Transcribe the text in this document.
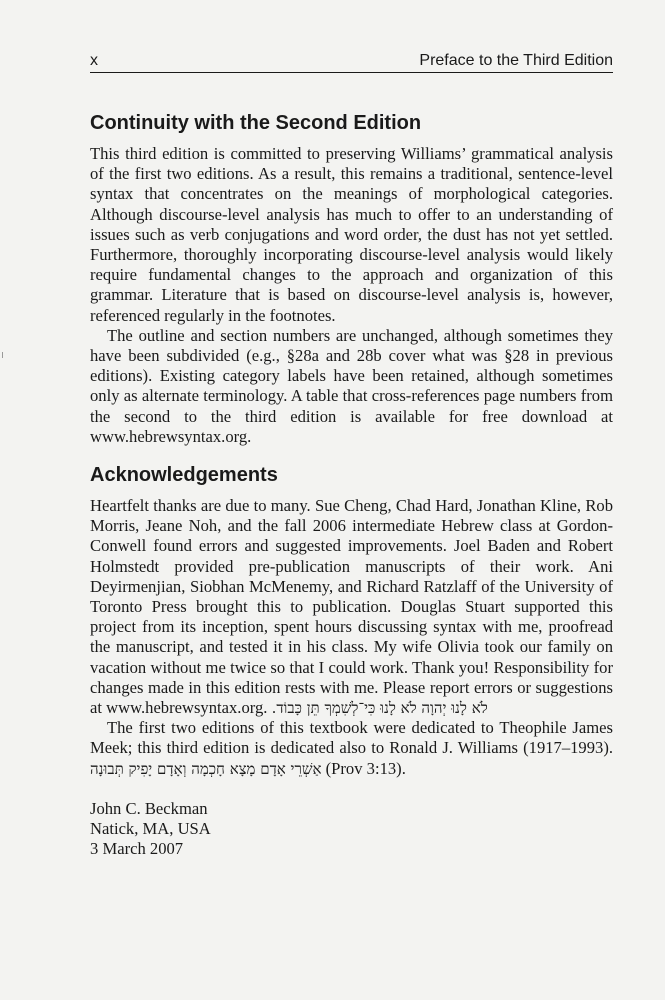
x	Preface to the Third Edition
Continuity with the Second Edition

This third edition is committed to preserving Williams’ grammatical analysis of the first two editions. As a result, this remains a traditional, sentence-level syntax that concentrates on the meanings of morphological categories. Although discourse-level analysis has much to offer to an understanding of issues such as verb conjugations and word order, the dust has not yet settled. Furthermore, thoroughly incorporating discourse-level analysis would likely require fundamental changes to the approach and organization of this grammar. Literature that is based on discourse-level analysis is, however, referenced regularly in the footnotes.

The outline and section numbers are unchanged, although sometimes they have been subdivided (e.g., §28a and 28b cover what was §28 in previous editions). Existing category labels have been retained, although sometimes only as alternate terminology. A table that cross-references page numbers from the second to the third edition is available for free download at www.hebrewsyntax.org.

Acknowledgements

Heartfelt thanks are due to many. Sue Cheng, Chad Hard, Jonathan Kline, Rob Morris, Jeane Noh, and the fall 2006 intermediate Hebrew class at Gordon-Conwell found errors and suggested improvements. Joel Baden and Robert Holmstedt provided pre-publication manuscripts of their work. Ani Deyirmenjian, Siobhan McMenemy, and Richard Ratzlaff of the University of Toronto Press brought this to publication. Douglas Stuart supported this project from its inception, spent hours discussing syntax with me, proofread the manuscript, and tested it in his class. My wife Olivia took our family on vacation without me twice so that I could work. Thank you! Responsibility for changes made in this edition rests with me. Please report errors or suggestions at www.hebrewsyntax.org. לֹא לָנוּ יְהוָה לֹא לָנוּ כִּי־לְשִׁמְךָ תֵּן כָּבוֹד.

The first two editions of this textbook were dedicated to Theophile James Meek; this third edition is dedicated also to Ronald J. Williams (1917–1993). אַשְׁרֵי אָדָם מָצָא חָכְמָה וְאָדָם יָפִיק תְּבוּנָה (Prov 3:13).

John C. Beckman

Natick, MA, USA

3 March 2007
